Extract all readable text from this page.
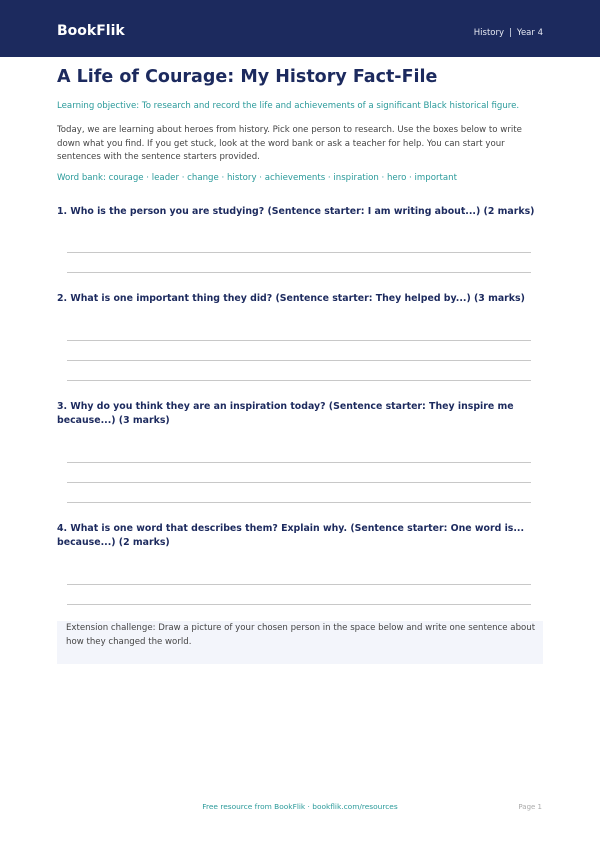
BookFlik	History | Year 4
A Life of Courage: My History Fact-File
Learning objective: To research and record the life and achievements of a significant Black historical figure.
Today, we are learning about heroes from history. Pick one person to research. Use the boxes below to write down what you find. If you get stuck, look at the word bank or ask a teacher for help. You can start your sentences with the sentence starters provided.
Word bank: courage · leader · change · history · achievements · inspiration · hero · important
1. Who is the person you are studying? (Sentence starter: I am writing about...) (2 marks)
2. What is one important thing they did? (Sentence starter: They helped by...) (3 marks)
3. Why do you think they are an inspiration today? (Sentence starter: They inspire me because...) (3 marks)
4. What is one word that describes them? Explain why. (Sentence starter: One word is... because...) (2 marks)
Extension challenge: Draw a picture of your chosen person in the space below and write one sentence about how they changed the world.
Free resource from BookFlik · bookflik.com/resources	Page 1
